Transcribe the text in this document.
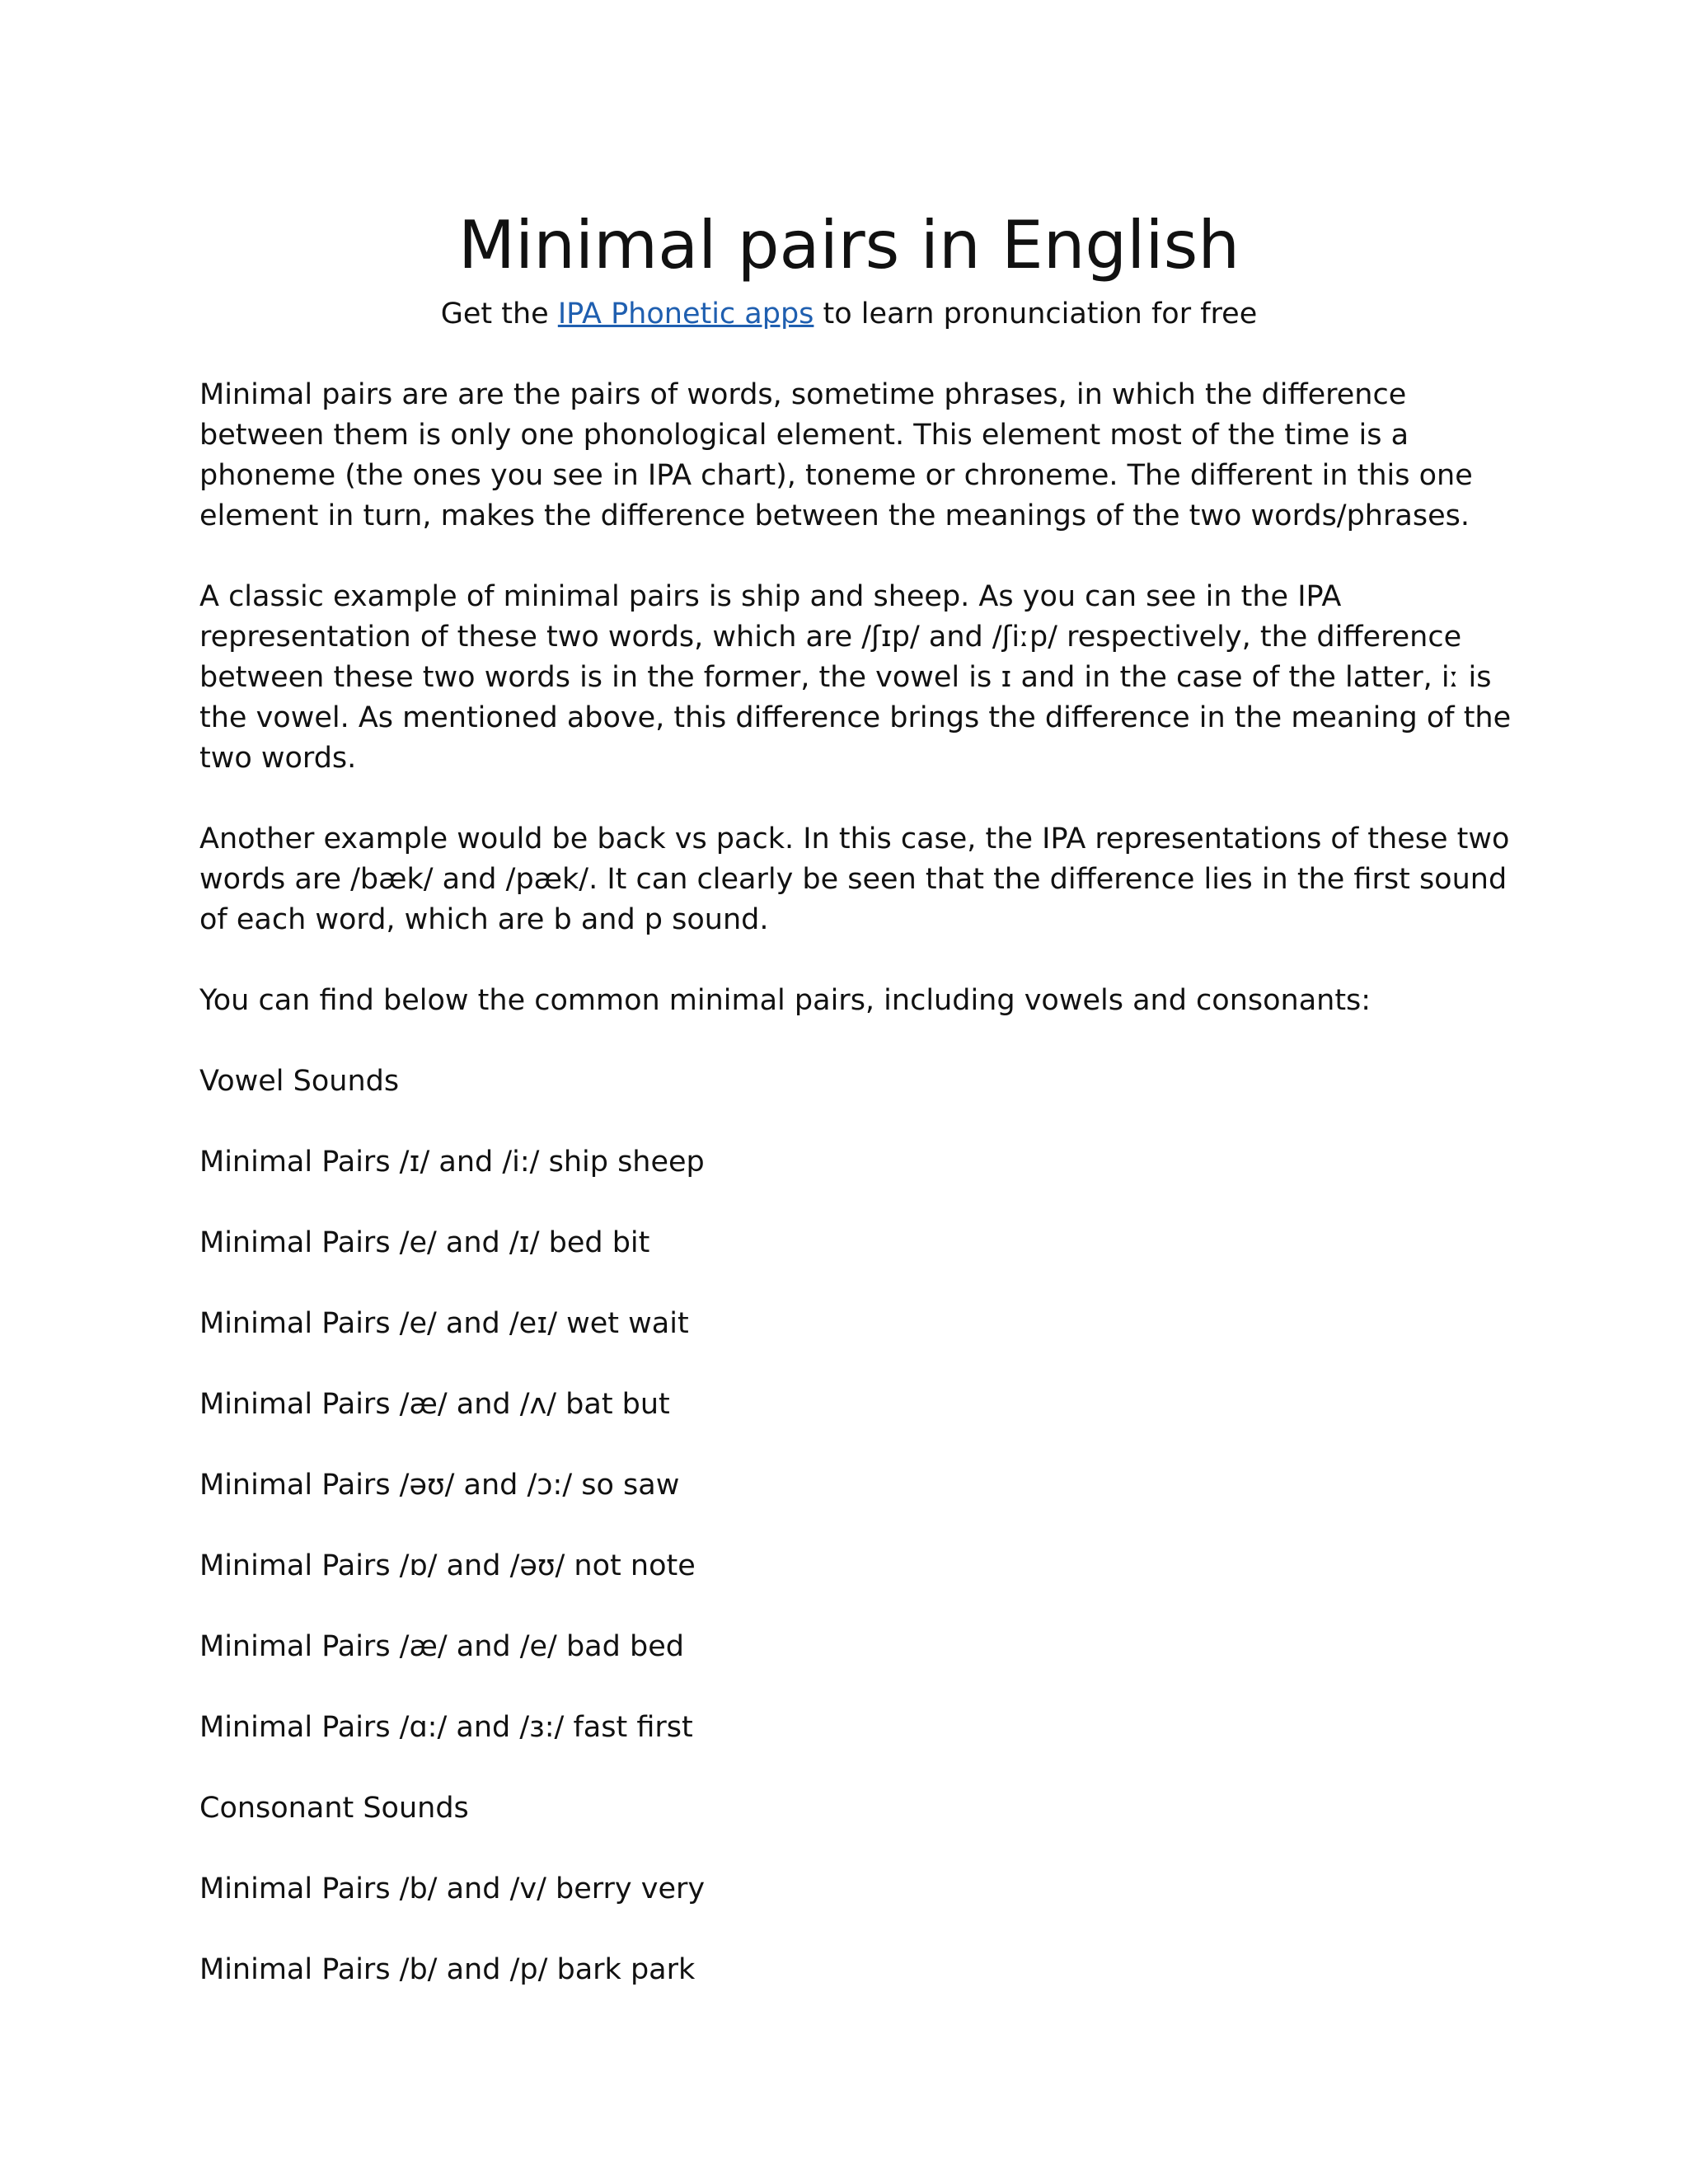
Minimal pairs in English
Get the IPA Phonetic apps to learn pronunciation for free

Minimal pairs are are the pairs of words, sometime phrases, in which the difference between them is only one phonological element. This element most of the time is a phoneme (the ones you see in IPA chart), toneme or chroneme. The different in this one element in turn, makes the difference between the meanings of the two words/phrases.

A classic example of minimal pairs is ship and sheep. As you can see in the IPA representation of these two words, which are /ʃɪp/ and /ʃiːp/ respectively, the difference between these two words is in the former, the vowel is ɪ and in the case of the latter, iː is the vowel. As mentioned above, this difference brings the difference in the meaning of the two words.

Another example would be back vs pack. In this case, the IPA representations of these two words are /bæk/ and /pæk/. It can clearly be seen that the difference lies in the first sound of each word, which are b and p sound.

You can find below the common minimal pairs, including vowels and consonants:

Vowel Sounds

Minimal Pairs /ɪ/ and /i:/ ship sheep

Minimal Pairs /e/ and /ɪ/ bed bit

Minimal Pairs /e/ and /eɪ/ wet wait

Minimal Pairs /æ/ and /ʌ/ bat but

Minimal Pairs /əʊ/ and /ɔ:/ so saw

Minimal Pairs /ɒ/ and /əʊ/ not note

Minimal Pairs /æ/ and /e/ bad bed

Minimal Pairs /ɑ:/ and /ɜ:/ fast first

Consonant Sounds

Minimal Pairs /b/ and /v/ berry very

Minimal Pairs /b/ and /p/ bark park
